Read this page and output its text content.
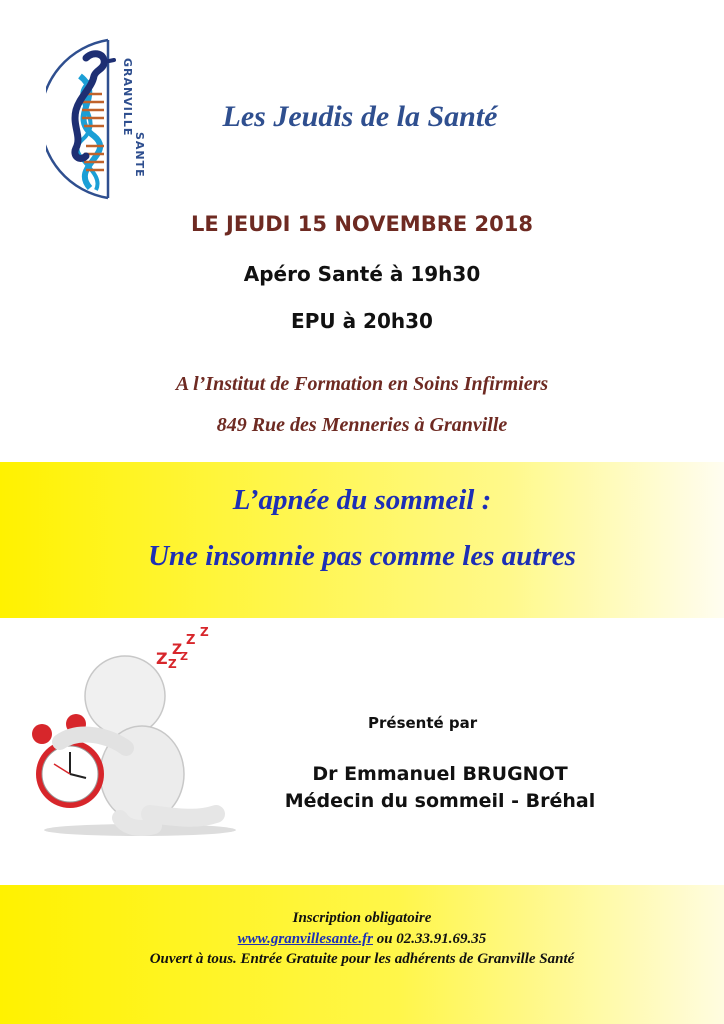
GRANVILLE
SANTE
Les Jeudis de la Santé
LE JEUDI 15 NOVEMBRE 2018
Apéro Santé à 19h30
EPU à 20h30
A l’Institut de Formation en Soins Infirmiers
849 Rue des Menneries à Granville
L’apnée du sommeil :
Une insomnie pas comme les autres
Z Z
Z
Z
Z
Z
Présenté par
Dr Emmanuel BRUGNOT
Médecin du sommeil - Bréhal
Inscription obligatoire
www.granvillesante.fr ou 02.33.91.69.35
Ouvert à tous. Entrée Gratuite pour les adhérents de Granville Santé
